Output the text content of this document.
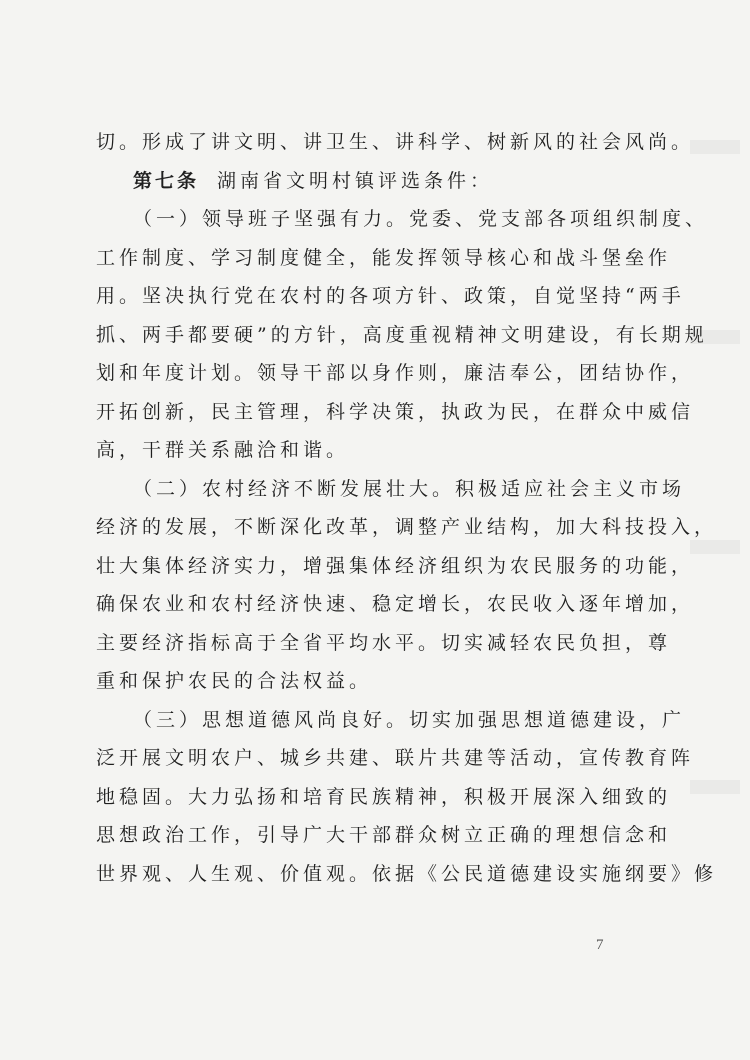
切。形成了讲文明、讲卫生、讲科学、树新风的社会风尚。
第七条 湖南省文明村镇评选条件：
（一）领导班子坚强有力。党委、党支部各项组织制度、
工作制度、学习制度健全，能发挥领导核心和战斗堡垒作
用。坚决执行党在农村的各项方针、政策，自觉坚持“两手
抓、两手都要硬”的方针，高度重视精神文明建设，有长期规
划和年度计划。领导干部以身作则，廉洁奉公，团结协作，
开拓创新，民主管理，科学决策，执政为民，在群众中威信
高，干群关系融洽和谐。
（二）农村经济不断发展壮大。积极适应社会主义市场
经济的发展，不断深化改革，调整产业结构，加大科技投入，
壮大集体经济实力，增强集体经济组织为农民服务的功能，
确保农业和农村经济快速、稳定增长，农民收入逐年增加，
主要经济指标高于全省平均水平。切实减轻农民负担，尊
重和保护农民的合法权益。
（三）思想道德风尚良好。切实加强思想道德建设，广
泛开展文明农户、城乡共建、联片共建等活动，宣传教育阵
地稳固。大力弘扬和培育民族精神，积极开展深入细致的
思想政治工作，引导广大干部群众树立正确的理想信念和
世界观、人生观、价值观。依据《公民道德建设实施纲要》修
7
